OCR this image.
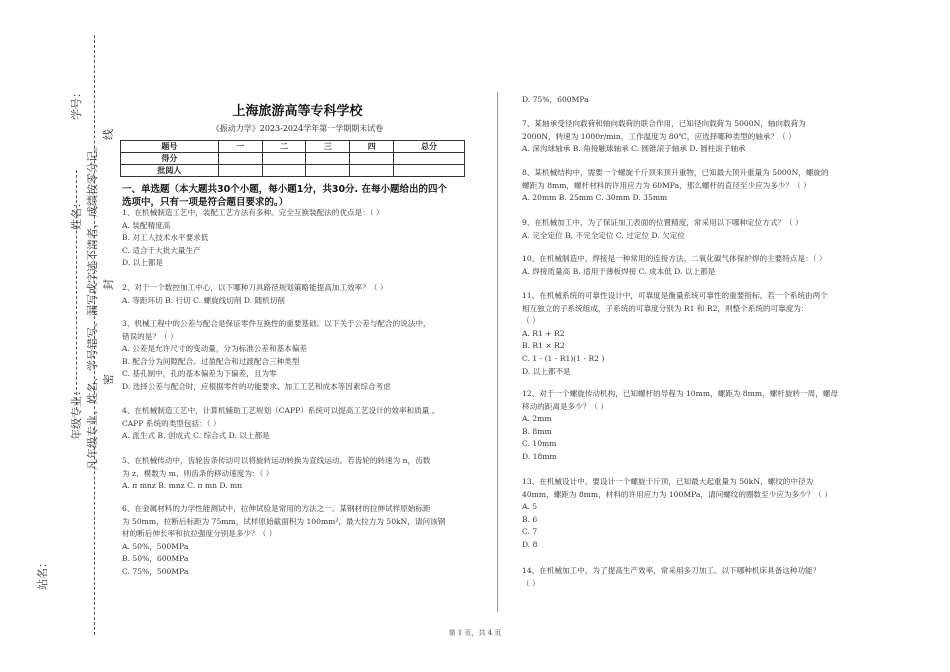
凡年级专业、姓名、学号错写、漏写或字迹不清者，成绩按零分记。
学号：
姓名：
年级专业：
站名：
线
封
密
上海旅游高等专科学校
《振动力学》2023-2024学年第一学期期末试卷
题号	一	二	三	四	总分
得分					
批阅人					
一、单选题（本大题共30个小题，每小题1分，共30分. 在每小题给出的四个
选项中，只有一项是符合题目要求的。）
1、在机械制造工艺中，装配工艺方法有多种。完全互换装配法的优点是：（ ）
A. 装配精度高
B. 对工人技术水平要求低
C. 适合于大批大量生产
D. 以上都是
2、对于一个数控加工中心，以下哪种刀具路径规划策略能提高加工效率？（ ）
A. 等距环切 B. 行切 C. 螺旋线切削 D. 随机切削
3、机械工程中的公差与配合是保证零件互换性的重要基础。以下关于公差与配合的说法中，
错误的是？（ ）
A. 公差是允许尺寸的变动量，分为标准公差和基本偏差
B. 配合分为间隙配合、过盈配合和过渡配合三种类型
C. 基孔制中，孔的基本偏差为下偏差，且为零
D. 选择公差与配合时，应根据零件的功能要求、加工工艺和成本等因素综合考虑
4、在机械制造工艺中，计算机辅助工艺规划（CAPP）系统可以提高工艺设计的效率和质量 。
CAPP 系统的类型包括：（ ）
A. 派生式 B. 创成式 C. 综合式 D. 以上都是
5、在机械传动中，齿轮齿条传动可以将旋转运动转换为直线运动。若齿轮的转速为 n，齿数
为 z，模数为 m，则齿条的移动速度为：（ ）
A. π mnz B. mnz C. π mn D. mn
6、在金属材料的力学性能测试中，拉伸试验是常用的方法之一。某钢材的拉伸试样原始标距
为 50mm，拉断后标距为 75mm，试样原始截面积为 100mm²，最大拉力为 50kN，请问该钢
材的断后伸长率和抗拉强度分别是多少？（ ）
A. 50%，500MPa
B. 50%，600MPa
C. 75%，500MPa
D. 75%，600MPa
7、某轴承受径向载荷和轴向载荷的联合作用，已知径向载荷为 5000N，轴向载荷为
2000N，转速为 1000r/min，工作温度为 80℃，应选择哪种类型的轴承？（ ）
A. 深沟球轴承 B. 角接触球轴承 C. 圆锥滚子轴承 D. 圆柱滚子轴承
8、某机械结构中，需要一个螺旋千斤顶来顶升重物，已知最大顶升重量为 5000N，螺旋的
螺距为 8mm，螺杆材料的许用应力为 60MPa，那么螺杆的直径至少应为多少？（ ）
A. 20mm B. 25mm C. 30mm D. 35mm
9、在机械加工中，为了保证加工表面的位置精度，常采用以下哪种定位方式？（ ）
A. 完全定位 B. 不完全定位 C. 过定位 D. 欠定位
10、在机械制造中，焊接是一种常用的连接方法。二氧化碳气体保护焊的主要特点是：（ ）
A. 焊接质量高 B. 适用于薄板焊接 C. 成本低 D. 以上都是
11、在机械系统的可靠性设计中，可靠度是衡量系统可靠性的重要指标。若一个系统由两个
相互独立的子系统组成，子系统的可靠度分别为 R1 和 R2，则整个系统的可靠度为：
（ ）
A. R1 + R2
B. R1 × R2
C. 1 - (1 - R1)(1 - R2 )
D. 以上都不是
12、对于一个螺旋传动机构，已知螺杆的导程为 10mm，螺距为 8mm，螺杆旋转一周，螺母
移动的距离是多少？（ ）
A. 2mm
B. 8mm
C. 10mm
D. 18mm
13、在机械设计中，要设计一个螺旋千斤顶，已知最大起重量为 50kN，螺纹的中径为
40mm，螺距为 8mm，材料的许用应力为 100MPa，请问螺纹的圈数至少应为多少？（ ）
A. 5
B. 6
C. 7
D. 8
14、在机械加工中，为了提高生产效率，常采用多刀加工。以下哪种机床具备这种功能？
（ ）
第 1 页，共 4 页
